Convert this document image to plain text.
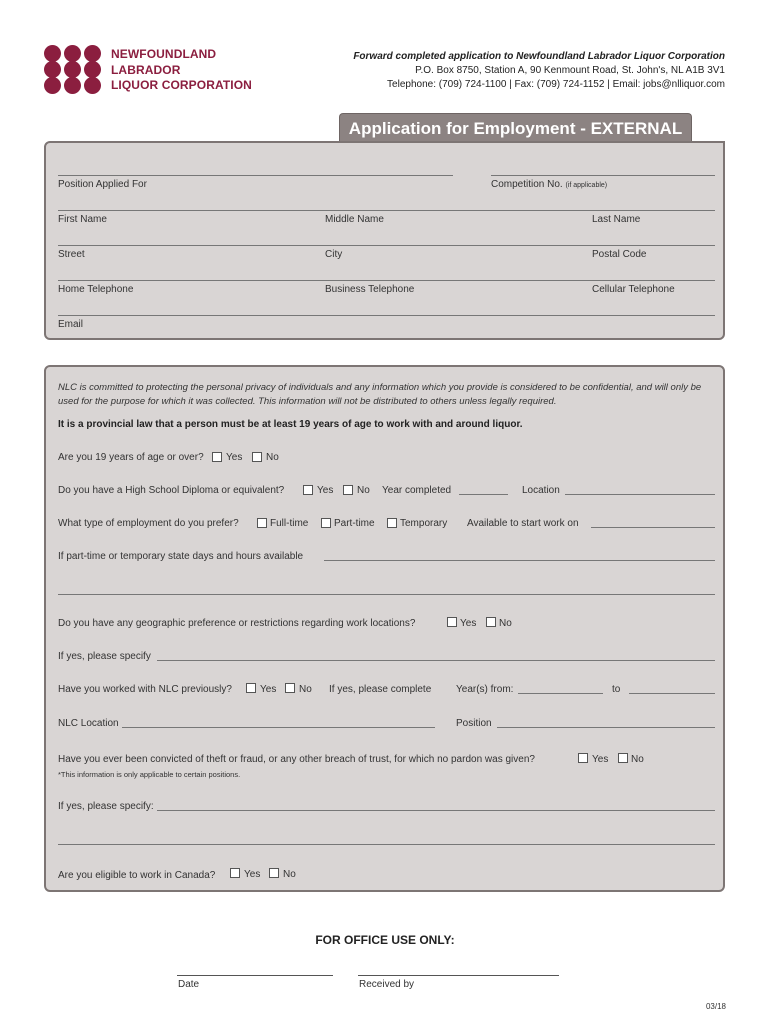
NEWFOUNDLAND
LABRADOR
LIQUOR CORPORATION
Forward completed application to Newfoundland Labrador Liquor Corporation
P.O. Box 8750, Station A, 90 Kenmount Road, St. John's, NL A1B 3V1
Telephone: (709) 724-1100 | Fax: (709) 724-1152 | Email: jobs@nlliquor.com
Application for Employment - EXTERNAL
Position Applied For	Competition No. (if applicable)
First Name	Middle Name	Last Name
Street	City	Postal Code
Home Telephone	Business Telephone	Cellular Telephone
Email
NLC is committed to protecting the personal privacy of individuals and any information which you provide is considered to be confidential, and will only be used for the purpose for which it was collected. This information will not be distributed to others unless legally required.
It is a provincial law that a person must be at least 19 years of age to work with and around liquor.
Are you 19 years of age or over? Yes No
Do you have a High School Diploma or equivalent?	Yes No Year completed	Location
What type of employment do you prefer?	Full-time	Part-time	Temporary Available to start work on
If part-time or temporary state days and hours available
Do you have any geographic preference or restrictions regarding work locations?	Yes No
If yes, please specify
Have you worked with NLC previously?	Yes No If yes, please complete Year(s) from:	to
NLC Location	Position
Have you ever been convicted of theft or fraud, or any other breach of trust, for which no pardon was given?	Yes No
*This information is only applicable to certain positions.
If yes, please specify:
Are you eligible to work in Canada?	Yes No
FOR OFFICE USE ONLY:
Date	Received by
03/18
